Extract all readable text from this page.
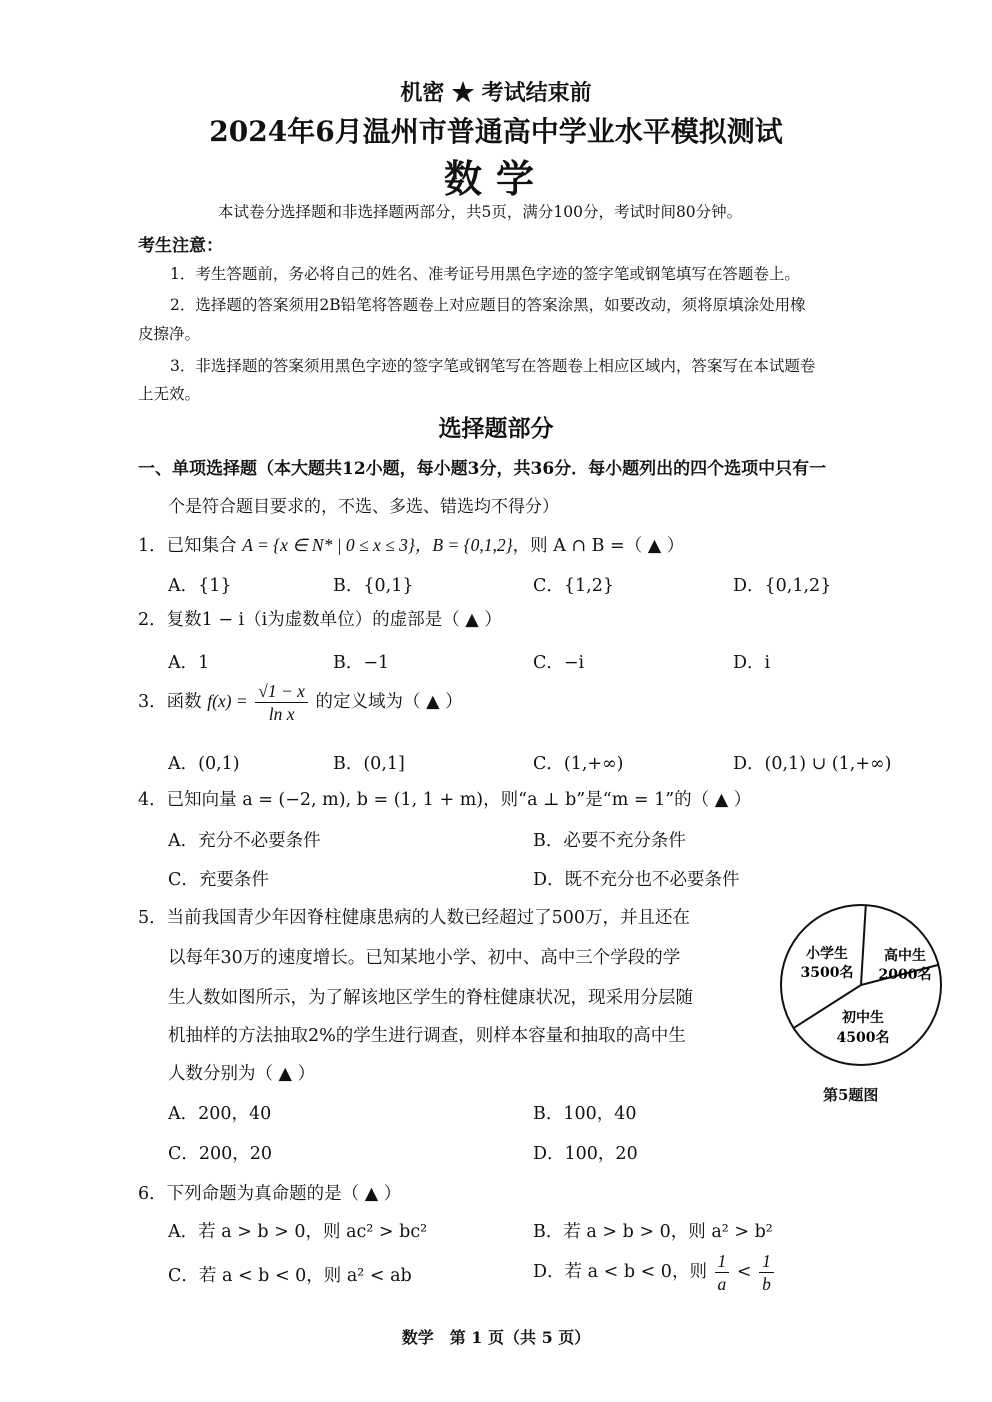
机密 ★ 考试结束前
2024年6月温州市普通高中学业水平模拟测试
数学
本试卷分选择题和非选择题两部分，共5页，满分100分，考试时间80分钟。
考生注意：
1．考生答题前，务必将自己的姓名、准考证号用黑色字迹的签字笔或钢笔填写在答题卷上。
2．选择题的答案须用2B铅笔将答题卷上对应题目的答案涂黑，如要改动，须将原填涂处用橡
皮擦净。
3．非选择题的答案须用黑色字迹的签字笔或钢笔写在答题卷上相应区域内，答案写在本试题卷
上无效。
选择题部分
一、单项选择题（本大题共12小题，每小题3分，共36分．每小题列出的四个选项中只有一
个是符合题目要求的，不选、多选、错选均不得分）
1．已知集合 A = {x ∈ N* | 0 ≤ x ≤ 3}，B = {0,1,2}，则 A ∩ B =（ ▲ ）
A．{1}	B．{0,1}	C．{1,2}	D．{0,1,2}
2．复数1 − i（i为虚数单位）的虚部是（ ▲ ）
A．1	B．−1	C．−i	D．i
3．函数 $f(x) = \frac{√1 - x}{\text{ln x}}$ 的定义域为（ ▲ ）
A．(0,1)	B．(0,1]	C．(1,+∞)	D．(0,1) ∪ (1,+∞)
4．已知向量 a = (−2, m), b = (1, 1 + m)，则“a ⊥ b”是“m = 1”的（ ▲ ）
A．充分不必要条件	B．必要不充分条件
C．充要条件	D．既不充分也不必要条件
5．当前我国青少年因脊柱健康患病的人数已经超过了500万，并且还在
以每年30万的速度增长。已知某地小学、初中、高中三个学段的学
生人数如图所示，为了解该地区学生的脊柱健康状况，现采用分层随
机抽样的方法抽取2%的学生进行调查，则样本容量和抽取的高中生
人数分别为（ ▲ ）
A．200，40	B．100，40
C．200，20	D．100，20
小学生
3500名
高中生
2000名
初中生
4500名
第5题图
6．下列命题为真命题的是（ ▲ ）
A．若 a > b > 0，则 ac² > bc²	B．若 a > b > 0，则 a² > b²
C．若 a < b < 0，则 a² < ab	D．若 a < b < 0，则 $\frac{1}{a} < \frac{1}{b}$
数学　第 1 页（共 5 页）
